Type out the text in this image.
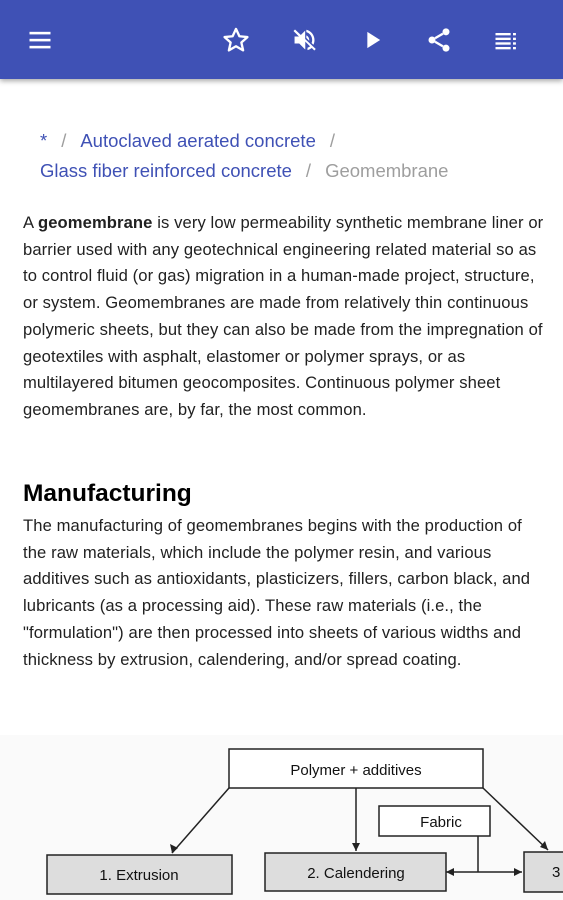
* / Autoclaved aerated concrete /
Glass fiber reinforced concrete / Geomembrane
A geomembrane is very low permeability synthetic membrane liner or barrier used with any geotechnical engineering related material so as to control fluid (or gas) migration in a human-made project, structure, or system. Geomembranes are made from relatively thin continuous polymeric sheets, but they can also be made from the impregnation of geotextiles with asphalt, elastomer or polymer sprays, or as multilayered bitumen geocomposites. Continuous polymer sheet geomembranes are, by far, the most common.
Manufacturing
The manufacturing of geomembranes begins with the production of the raw materials, which include the polymer resin, and various additives such as antioxidants, plasticizers, fillers, carbon black, and lubricants (as a processing aid). These raw materials (i.e., the "formulation") are then processed into sheets of various widths and thickness by extrusion, calendering, and/or spread coating.
Polymer + additives
Fabric
1. Extrusion	2. Calendering	3
